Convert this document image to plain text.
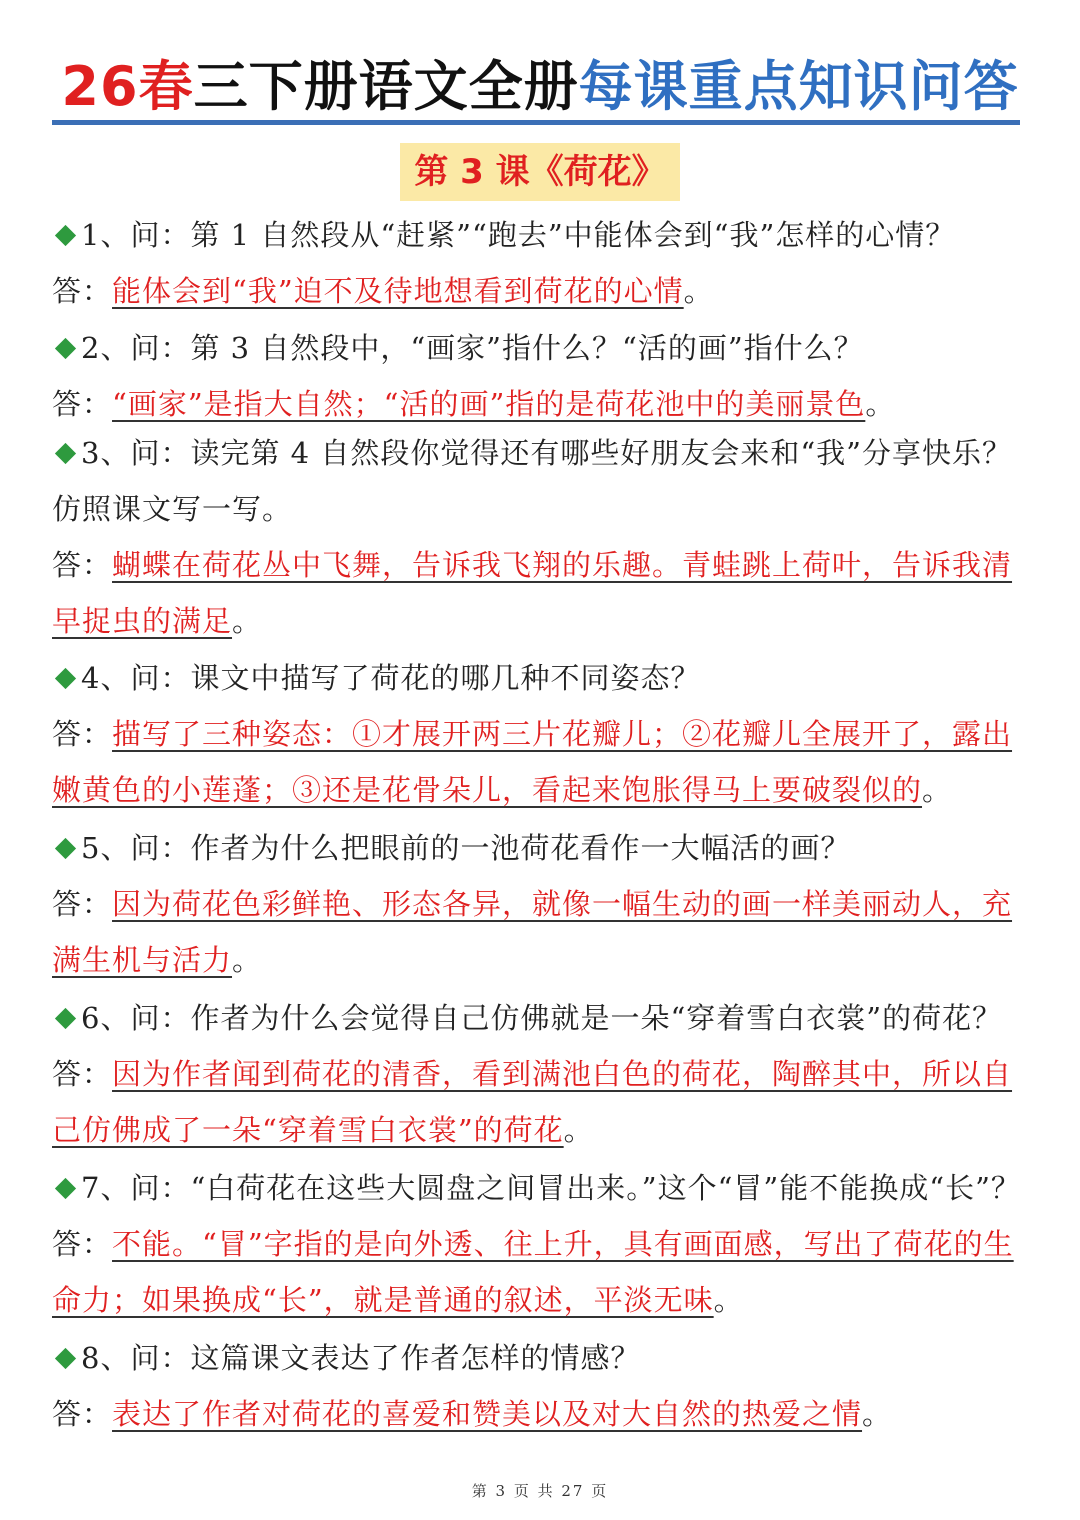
26春三下册语文全册每课重点知识问答
第 3 课《荷花》
1、问：第 1 自然段从“赶紧”“跑去”中能体会到“我”怎样的心情？
答：能体会到“我”迫不及待地想看到荷花的心情。
2、问：第 3 自然段中，“画家”指什么？“活的画”指什么？
答：“画家”是指大自然；“活的画”指的是荷花池中的美丽景色。
3、问：读完第 4 自然段你觉得还有哪些好朋友会来和“我”分享快乐？仿照课文写一写。
答：蝴蝶在荷花丛中飞舞，告诉我飞翔的乐趣。青蛙跳上荷叶，告诉我清早捉虫的满足。
4、问：课文中描写了荷花的哪几种不同姿态？
答：描写了三种姿态：①才展开两三片花瓣儿；②花瓣儿全展开了，露出嫩黄色的小莲蓬；③还是花骨朵儿，看起来饱胀得马上要破裂似的。
5、问：作者为什么把眼前的一池荷花看作一大幅活的画？
答：因为荷花色彩鲜艳、形态各异，就像一幅生动的画一样美丽动人，充满生机与活力。
6、问：作者为什么会觉得自己仿佛就是一朵“穿着雪白衣裳”的荷花？
答：因为作者闻到荷花的清香，看到满池白色的荷花，陶醉其中，所以自己仿佛成了一朵“穿着雪白衣裳”的荷花。
7、问：“白荷花在这些大圆盘之间冒出来。”这个“冒”能不能换成“长”？
答：不能。“冒”字指的是向外透、往上升，具有画面感，写出了荷花的生命力；如果换成“长”，就是普通的叙述，平淡无味。
8、问：这篇课文表达了作者怎样的情感？
答：表达了作者对荷花的喜爱和赞美以及对大自然的热爱之情。
第 3 页 共 27 页
